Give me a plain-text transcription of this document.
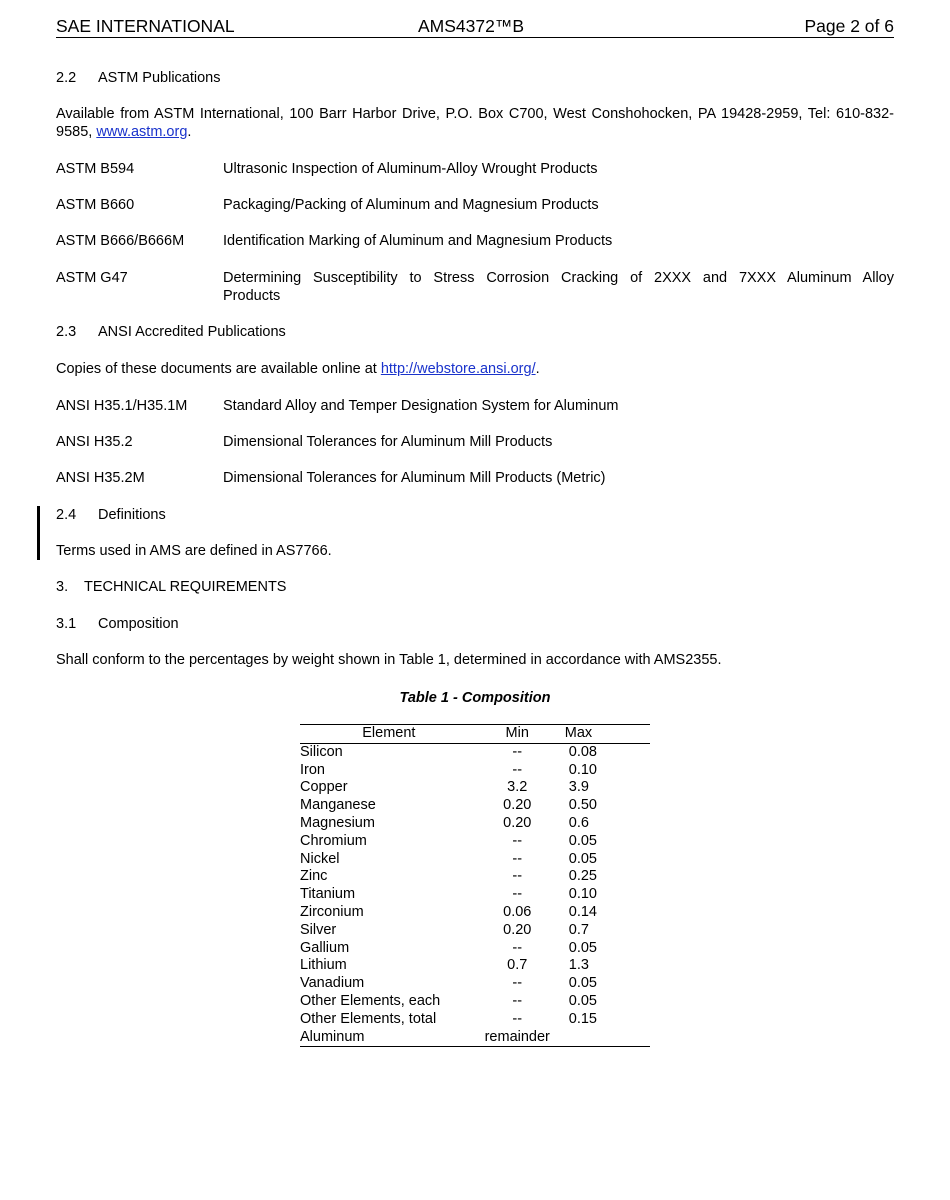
SAE INTERNATIONAL	AMS4372™B	Page 2 of 6
2.2 ASTM Publications
Available from ASTM International, 100 Barr Harbor Drive, P.O. Box C700, West Conshohocken, PA 19428-2959, Tel: 610-832-9585, www.astm.org.
ASTM B594	Ultrasonic Inspection of Aluminum-Alloy Wrought Products
ASTM B660	Packaging/Packing of Aluminum and Magnesium Products
ASTM B666/B666M	Identification Marking of Aluminum and Magnesium Products
ASTM G47	Determining Susceptibility to Stress Corrosion Cracking of 2XXX and 7XXX Aluminum Alloy
Products
2.3 ANSI Accredited Publications
Copies of these documents are available online at http://webstore.ansi.org/.
ANSI H35.1/H35.1M Standard Alloy and Temper Designation System for Aluminum
ANSI H35.2	Dimensional Tolerances for Aluminum Mill Products
ANSI H35.2M	Dimensional Tolerances for Aluminum Mill Products (Metric)
2.4 Definitions
Terms used in AMS are defined in AS7766.
3. TECHNICAL REQUIREMENTS
3.1 Composition
Shall conform to the percentages by weight shown in Table 1, determined in accordance with AMS2355.
Table 1 - Composition
Element	Min	Max
Silicon	--	0.08
Iron	--	0.10
Copper	3.2	3.9
Manganese	0.20	0.50
Magnesium	0.20	0.6
Chromium	--	0.05
Nickel	--	0.05
Zinc	--	0.25
Titanium	--	0.10
Zirconium	0.06	0.14
Silver	0.20	0.7
Gallium	--	0.05
Lithium	0.7	1.3
Vanadium	--	0.05
Other Elements, each	--	0.05
Other Elements, total	--	0.15
Aluminum	remainder	
